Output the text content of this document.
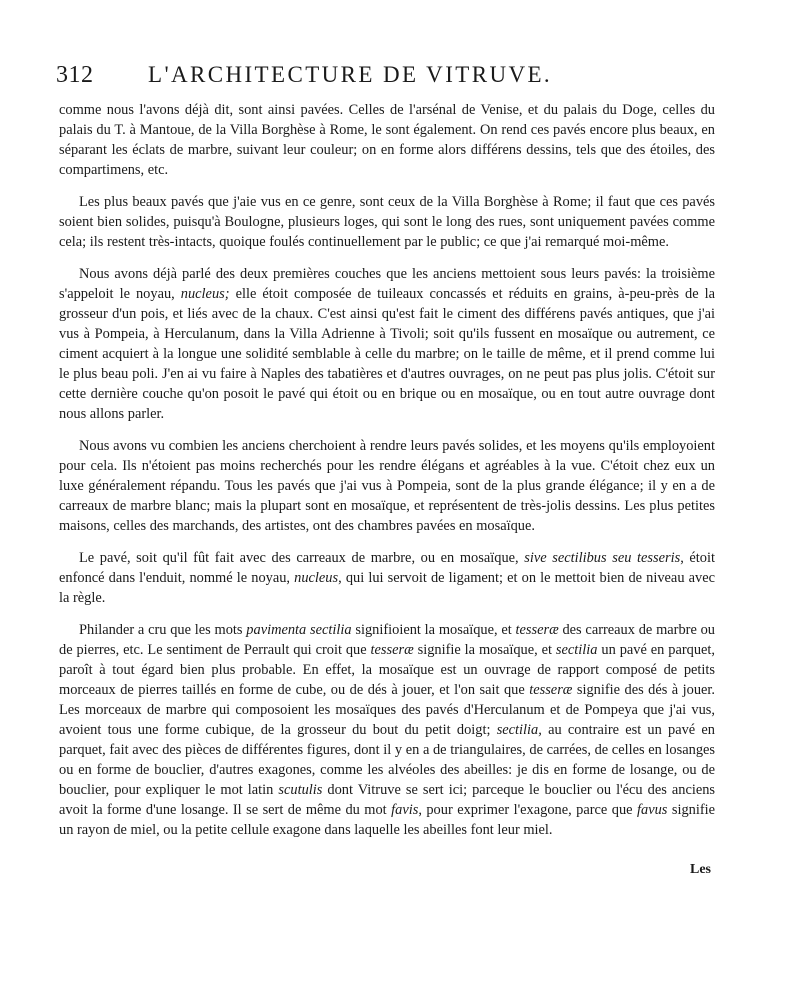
312 L'ARCHITECTURE DE VITRUVE.

comme nous l'avons déjà dit, sont ainsi pavées. Celles de l'arsénal de Venise, et du palais du Doge, celles du palais du T. à Mantoue, de la Villa Borghèse à Rome, le sont également. On rend ces pavés encore plus beaux, en séparant les éclats de marbre, suivant leur couleur; on en forme alors différens dessins, tels que des étoiles, des compartimens, etc.

Les plus beaux pavés que j'aie vus en ce genre, sont ceux de la Villa Borghèse à Rome; il faut que ces pavés soient bien solides, puisqu'à Boulogne, plusieurs loges, qui sont le long des rues, sont uniquement pavées comme cela; ils restent très-intacts, quoique foulés continuellement par le public; ce que j'ai remarqué moi-même.

Nous avons déjà parlé des deux premières couches que les anciens mettoient sous leurs pavés: la troisième s'appeloit le noyau, nucleus; elle étoit composée de tuileaux concassés et réduits en grains, à-peu-près de la grosseur d'un pois, et liés avec de la chaux. C'est ainsi qu'est fait le ciment des différens pavés antiques, que j'ai vus à Pompeia, à Herculanum, dans la Villa Adrienne à Tivoli; soit qu'ils fussent en mosaïque ou autrement, ce ciment acquiert à la longue une solidité semblable à celle du marbre; on le taille de même, et il prend comme lui le plus beau poli. J'en ai vu faire à Naples des tabatières et d'autres ouvrages, on ne peut pas plus jolis. C'étoit sur cette dernière couche qu'on posoit le pavé qui étoit ou en brique ou en mosaïque, ou en tout autre ouvrage dont nous allons parler.

Nous avons vu combien les anciens cherchoient à rendre leurs pavés solides, et les moyens qu'ils employoient pour cela. Ils n'étoient pas moins recherchés pour les rendre élégans et agréables à la vue. C'étoit chez eux un luxe généralement répandu. Tous les pavés que j'ai vus à Pompeia, sont de la plus grande élégance; il y en a de carreaux de marbre blanc; mais la plupart sont en mosaïque, et représentent de très-jolis dessins. Les plus petites maisons, celles des marchands, des artistes, ont des chambres pavées en mosaïque.

Le pavé, soit qu'il fût fait avec des carreaux de marbre, ou en mosaïque, sive sectilibus seu tesseris, étoit enfoncé dans l'enduit, nommé le noyau, nucleus, qui lui servoit de ligament; et on le mettoit bien de niveau avec la règle.

Philander a cru que les mots pavimenta sectilia signifioient la mosaïque, et tesseræ des carreaux de marbre ou de pierres, etc. Le sentiment de Perrault qui croit que tesseræ signifie la mosaïque, et sectilia un pavé en parquet, paroît à tout égard bien plus probable. En effet, la mosaïque est un ouvrage de rapport composé de petits morceaux de pierres taillés en forme de cube, ou de dés à jouer, et l'on sait que tesseræ signifie des dés à jouer. Les morceaux de marbre qui composoient les mosaïques des pavés d'Herculanum et de Pompeya que j'ai vus, avoient tous une forme cubique, de la grosseur du bout du petit doigt; sectilia, au contraire est un pavé en parquet, fait avec des pièces de différentes figures, dont il y en a de triangulaires, de carrées, de celles en losanges ou en forme de bouclier, d'autres exagones, comme les alvéoles des abeilles: je dis en forme de losange, ou de bouclier, pour expliquer le mot latin scutulis dont Vitruve se sert ici; parceque le bouclier ou l'écu des anciens avoit la forme d'une losange. Il se sert de même du mot favis, pour exprimer l'exagone, parce que favus signifie un rayon de miel, ou la petite cellule exagone dans laquelle les abeilles font leur miel.

Les
